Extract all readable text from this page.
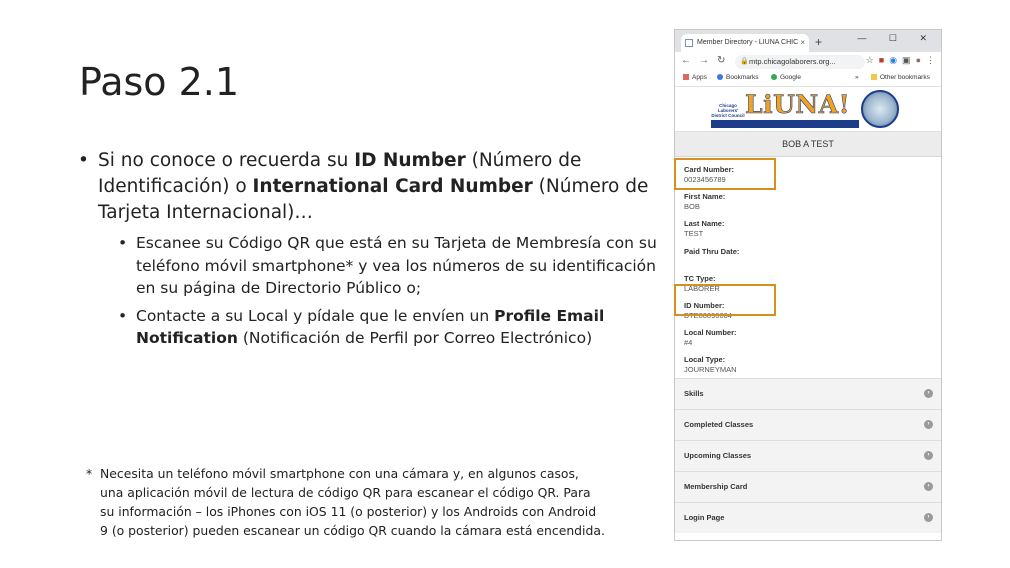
Paso 2.1
• Si no conoce o recuerda su ID Number (Número de Identificación) o International Card Number (Número de Tarjeta Internacional)…
• Escanee su Código QR que está en su Tarjeta de Membresía con su teléfono móvil smartphone* y vea los números de su identificación en su página de Directorio Público o;
• Contacte a su Local y pídale que le envíen un Profile Email Notification (Notificación de Perfil por Correo Electrónico)
* Necesita un teléfono móvil smartphone con una cámara y, en algunos casos, una aplicación móvil de lectura de código QR para escanear el código QR. Para su información – los iPhones con iOS 11 (o posterior) y los Androids con Android 9 (o posterior) pueden escanear un código QR cuando la cámara está encendida.
Member Directory - LIUNA CHIC × +	— ☐ ✕
← → ↻ 🔒 mtp.chicagolaborers.org...	☆ ■ ◉ ▣ ● ⋮
Apps	Bookmarks	Google	»	Other bookmarks
Chicago Laborers' District Council LiUNA!
BOB A TEST
Card Number:
0023456789
First Name:
BOB
Last Name:
TEST
Paid Thru Date:
TC Type:
LABORER
ID Number:
BTE00090004
Local Number:
#4
Local Type:
JOURNEYMAN
Skills	›
Completed Classes	›
Upcoming Classes	›
Membership Card	›
Login Page	›
